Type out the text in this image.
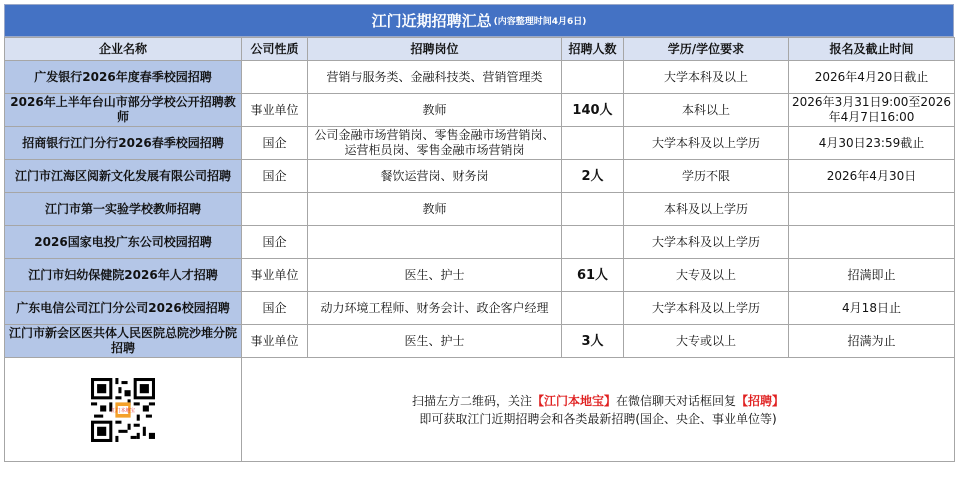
江门近期招聘汇总 (内容整理时间4月6日)
企业名称	公司性质	招聘岗位	招聘人数	学历/学位要求	报名及截止时间
广发银行2026年度春季校园招聘		营销与服务类、金融科技类、营销管理类		大学本科及以上	2026年4月20日截止
2026年上半年台山市部分学校公开招聘教师	事业单位	教师	140人	本科以上	2026年3月31日9:00至2026年4月7日16:00
招商银行江门分行2026春季校园招聘	国企	公司金融市场营销岗、零售金融市场营销岗、运营柜员岗、零售金融市场营销岗		大学本科及以上学历	4月30日23:59截止
江门市江海区阅新文化发展有限公司招聘	国企	餐饮运营岗、财务岗	2人	学历不限	2026年4月30日
江门市第一实验学校教师招聘		教师		本科及以上学历	
2026国家电投广东公司校园招聘	国企			大学本科及以上学历	
江门市妇幼保健院2026年人才招聘	事业单位	医生、护士	61人	大专及以上	招满即止
广东电信公司江门分公司2026校园招聘	国企	动力环境工程师、财务会计、政企客户经理		大学本科及以上学历	4月18日止
江门市新会区医共体人民医院总院沙堆分院招聘	事业单位	医生、护士	3人	大专或以上	招满为止

江门本地宝	扫描左方二维码，关注【江门本地宝】在微信聊天对话框回复【招聘】
即可获取江门近期招聘会和各类最新招聘(国企、央企、事业单位等)				
